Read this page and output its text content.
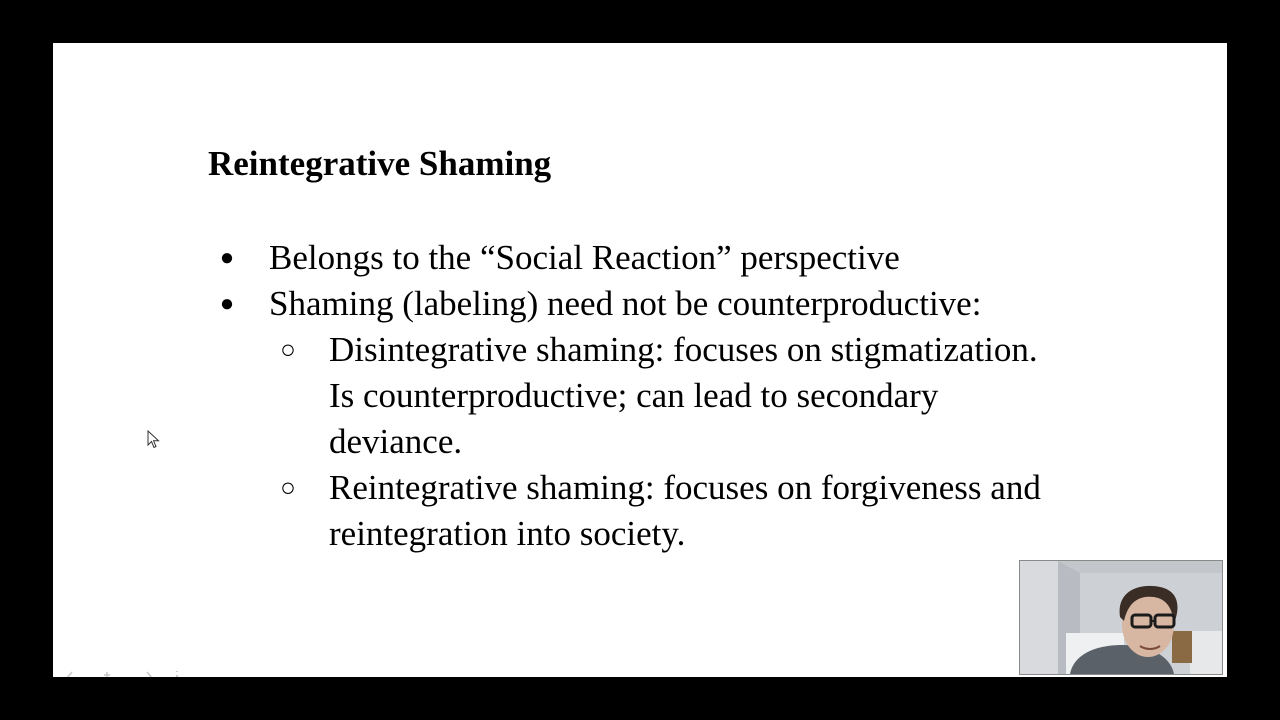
Reintegrative Shaming
● Belongs to the “Social Reaction” perspective
● Shaming (labeling) need not be counterproductive:
○ Disintegrative shaming: focuses on stigmatization. Is counterproductive; can lead to secondary deviance.
○ Reintegrative shaming: focuses on forgiveness and reintegration into society.
